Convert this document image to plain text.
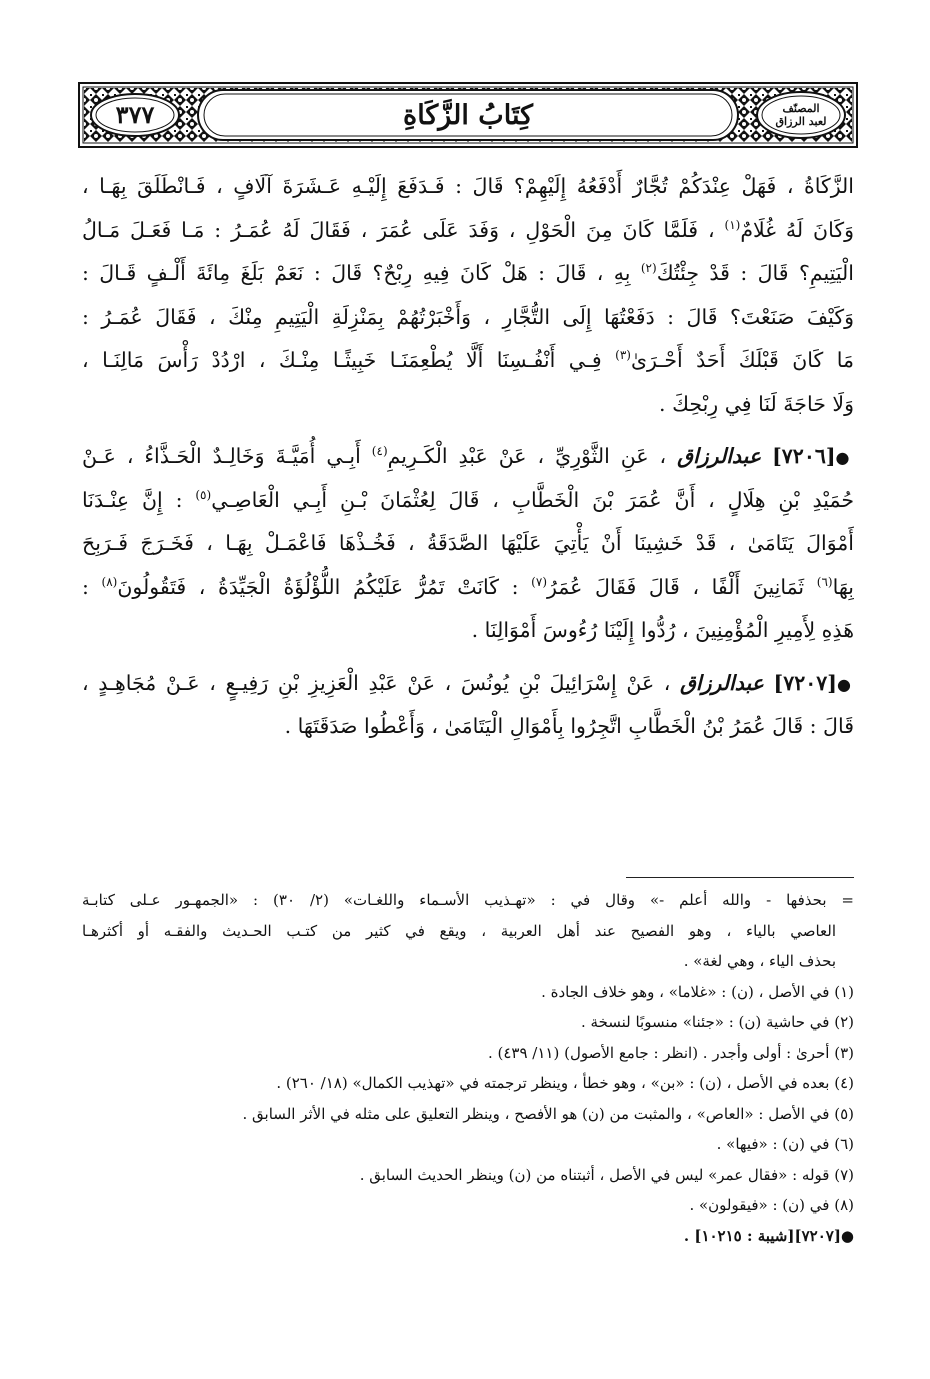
كِتَابُ الزَّكَاةِ
٣٧٧	المصنّف
لعبد الرزاق
الزَّكَاةُ ، فَهَلْ عِنْدَكُمْ تُجَّارٌ أَدْفَعُهُ إِلَيْهِمْ؟ قَالَ : فَـدَفَعَ إِلَيْـهِ عَـشَرَةَ آلَافٍ ، فَـانْطَلَقَ بِهَـا ،
وَكَانَ لَهُ غُلَامٌ$^{(١)}$ ، فَلَمَّا كَانَ مِنَ الْحَوْلِ ، وَفَدَ عَلَى عُمَرَ ، فَقَالَ لَهُ عُمَـرُ : مَـا فَعَـلَ مَـالُ
الْيَتِيمِ؟ قَالَ : قَدْ جِئْتُكَ$^{(٢)}$ بِهِ ، قَالَ : هَلْ كَانَ فِيهِ رِبْحٌ؟ قَالَ : نَعَمْ بَلَغَ مِائَةَ أَلْـفٍ قَـالَ :
وَكَيْفَ صَنَعْتَ؟ قَالَ : دَفَعْتُهَا إِلَى التُّجَّارِ ، وَأَخْبَرْتُهُمْ بِمَنْزِلَةِ الْيَتِيمِ مِنْكَ ، فَقَالَ عُمَـرُ :
مَا كَانَ قَبْلَكَ أَحَدٌ أَحْـرَىٰ$^{(٣)}$ فِـي أَنْفُـسِنَا أَلَّا يُطْعِمَنَـا خَبِيثًـا مِنْـكَ ، ارْدُدْ رَأْسَ مَالِنَـا ،
وَلَا حَاجَةَ لَنَا فِي رِبْحِكَ .
●[٧٢٠٦] عبدالرزاق ، عَنِ الثَّوْرِيِّ ، عَنْ عَبْدِ الْكَـرِيمِ$^{(٤)}$ أَبِـي أُمَيَّـةَ وَخَالِـدٌ الْحَـذَّاءُ ، عَـنْ
حُمَيْدِ بْنِ هِلَالٍ ، أَنَّ عُمَرَ بْنَ الْخَطَّابِ ، قَالَ لِعُثْمَانَ بْـنِ أَبِـي الْعَاصِـي$^{(٥)}$ : إِنَّ عِنْـدَنَا
أَمْوَالَ يَتَامَىٰ ، قَدْ خَشِينَا أَنْ يَأْتِيَ عَلَيْهَا الصَّدَقَةُ ، فَخُـذْهَا فَاعْمَـلْ بِهَـا ، فَخَـرَجَ فَـرَبِحَ
بِهَا$^{(٦)}$ ثَمَانِينَ أَلْفًا ، قَالَ فَقَالَ عُمَرُ$^{(٧)}$ : كَانَتْ تَمُرُّ عَلَيْكُمُ اللُّؤْلُؤَةُ الْجَيِّدَةُ ، فَتَقُولُونَ$^{(٨)}$ :
هَذِهِ لِأَمِيرِ الْمُؤْمِنِينَ ، رُدُّوا إِلَيْنَا رُءُوسَ أَمْوَالِنَا .
●[٧٢٠٧] عبدالرزاق ، عَنْ إِسْرَائِيلَ بْنِ يُونُسَ ، عَنْ عَبْدِ الْعَزِيزِ بْنِ رَفِيـعٍ ، عَـنْ مُجَاهِـدٍ ،
قَالَ : قَالَ عُمَرُ بْنُ الْخَطَّابِ اتَّجِرُوا بِأَمْوَالِ الْيَتَامَىٰ ، وَأَعْطُوا صَدَقَتَهَا .
= بحذفها - والله أعلم -» وقال في : «تهـذيب الأسـماء واللغـات» (٢/ ٣٠) : «الجمهـور عـلى كتابـة
العاصي بالياء ، وهو الفصيح عند أهل العربية ، ويقع في كثير من كتـب الحـديث والفقـه أو أكثرهـا
بحذف الياء ، وهي لغة» .
(١) في الأصل ، (ن) : «غلاما» ، وهو خلاف الجادة .
(٢) في حاشية (ن) : «جئنا» منسوبًا لنسخة .
(٣) أحرىٰ : أولى وأجدر . (انظر : جامع الأصول) (١١/ ٤٣٩) .
(٤) بعده في الأصل ، (ن) : «بن» ، وهو خطأ ، وينظر ترجمته في «تهذيب الكمال» (١٨/ ٢٦٠) .
(٥) في الأصل : «العاص» ، والمثبت من (ن) هو الأفصح ، وينظر التعليق على مثله في الأثر السابق .
(٦) في (ن) : «فيها» .
(٧) قوله : «فقال عمر» ليس في الأصل ، أثبتناه من (ن) وينظر الحديث السابق .
(٨) في (ن) : «فيقولون» .
●[٧٢٠٧][شيبة : ١٠٢١٥] .
